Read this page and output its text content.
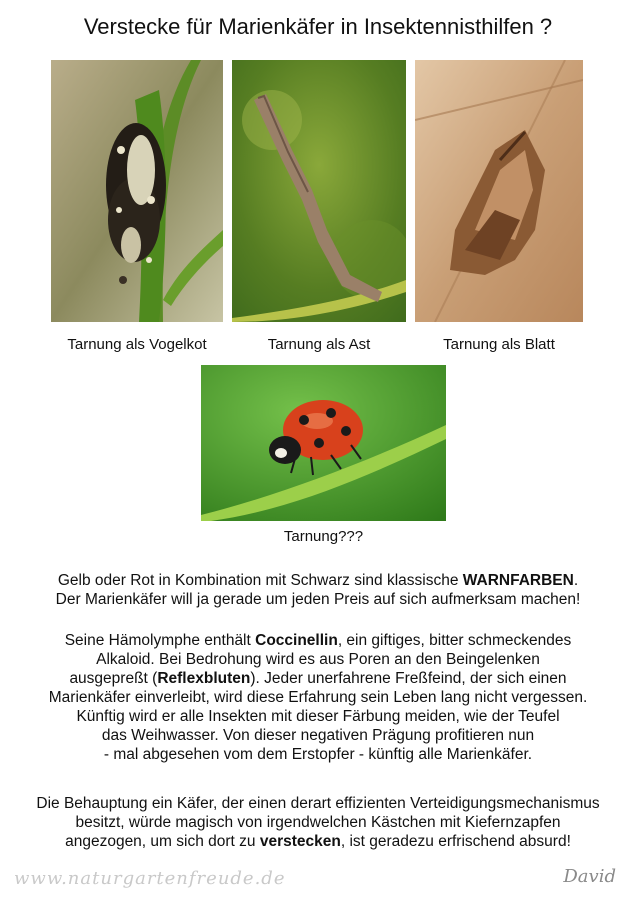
Verstecke für Marienkäfer in Insektennisthilfen ?
Tarnung als Vogelkot	Tarnung als Ast	Tarnung als Blatt
Tarnung???
Gelb oder Rot in Kombination mit Schwarz sind klassische WARNFARBEN.
Der Marienkäfer will ja gerade um jeden Preis auf sich aufmerksam machen!
Seine Hämolymphe enthält Coccinellin, ein giftiges, bitter schmeckendes
Alkaloid. Bei Bedrohung wird es aus Poren an den Beingelenken
ausgepreßt (Reflexbluten). Jeder unerfahrene Freßfeind, der sich einen
Marienkäfer einverleibt, wird diese Erfahrung sein Leben lang nicht vergessen.
Künftig wird er alle Insekten mit dieser Färbung meiden, wie der Teufel
das Weihwasser. Von dieser negativen Prägung profitieren nun
- mal abgesehen vom dem Erstopfer - künftig alle Marienkäfer.
Die Behauptung ein Käfer, der einen derart effizienten Verteidigungsmechanismus
besitzt, würde magisch von irgendwelchen Kästchen mit Kiefernzapfen
angezogen, um sich dort zu verstecken, ist geradezu erfrischend absurd!
www.naturgartenfreude.de	David
